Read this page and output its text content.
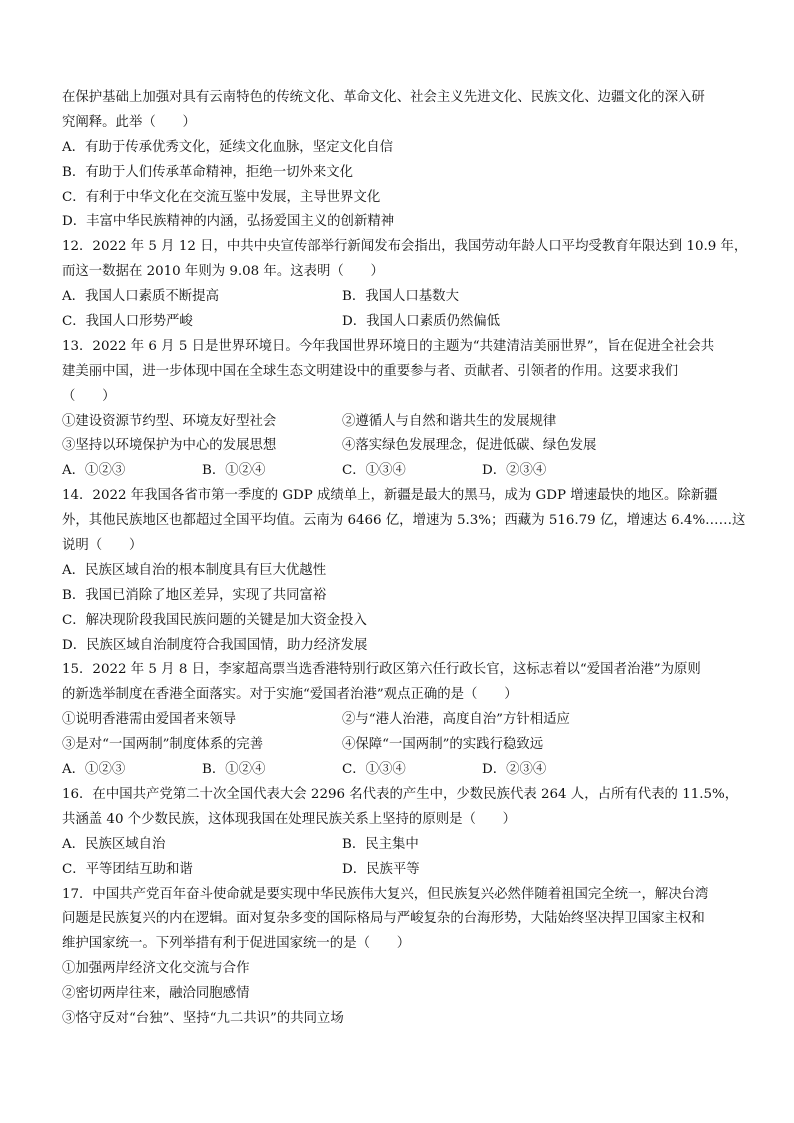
在保护基础上加强对具有云南特色的传统文化、革命文化、社会主义先进文化、民族文化、边疆文化的深入研
究阐释。此举（　　）
A．有助于传承优秀文化，延续文化血脉，坚定文化自信
B．有助于人们传承革命精神，拒绝一切外来文化
C．有利于中华文化在交流互鉴中发展，主导世界文化
D．丰富中华民族精神的内涵，弘扬爱国主义的创新精神
12．2022 年 5 月 12 日，中共中央宣传部举行新闻发布会指出，我国劳动年龄人口平均受教育年限达到 10.9 年，
而这一数据在 2010 年则为 9.08 年。这表明（　　）
A．我国人口素质不断提高	B．我国人口基数大
C．我国人口形势严峻	D．我国人口素质仍然偏低
13．2022 年 6 月 5 日是世界环境日。今年我国世界环境日的主题为“共建清洁美丽世界”，旨在促进全社会共
建美丽中国，进一步体现中国在全球生态文明建设中的重要参与者、贡献者、引领者的作用。这要求我们
（　　）
①建设资源节约型、环境友好型社会	②遵循人与自然和谐共生的发展规律
③坚持以环境保护为中心的发展思想	④落实绿色发展理念，促进低碳、绿色发展
A．①②③	B．①②④	C．①③④	D．②③④
14．2022 年我国各省市第一季度的 GDP 成绩单上，新疆是最大的黑马，成为 GDP 增速最快的地区。除新疆
外，其他民族地区也都超过全国平均值。云南为 6466 亿，增速为 5.3%；西藏为 516.79 亿，增速达 6.4%……这
说明（　　）
A．民族区域自治的根本制度具有巨大优越性
B．我国已消除了地区差异，实现了共同富裕
C．解决现阶段我国民族问题的关键是加大资金投入
D．民族区域自治制度符合我国国情，助力经济发展
15．2022 年 5 月 8 日，李家超高票当选香港特别行政区第六任行政长官，这标志着以“爱国者治港”为原则
的新选举制度在香港全面落实。对于实施“爱国者治港”观点正确的是（　　）
①说明香港需由爱国者来领导	②与“港人治港，高度自治”方针相适应
③是对“一国两制”制度体系的完善	④保障“一国两制”的实践行稳致远
A．①②③	B．①②④	C．①③④	D．②③④
16．在中国共产党第二十次全国代表大会 2296 名代表的产生中，少数民族代表 264 人，占所有代表的 11.5%，
共涵盖 40 个少数民族，这体现我国在处理民族关系上坚持的原则是（　　）
A．民族区域自治	B．民主集中
C．平等团结互助和谐	D．民族平等
17．中国共产党百年奋斗使命就是要实现中华民族伟大复兴，但民族复兴必然伴随着祖国完全统一，解决台湾
问题是民族复兴的内在逻辑。面对复杂多变的国际格局与严峻复杂的台海形势，大陆始终坚决捍卫国家主权和
维护国家统一。下列举措有利于促进国家统一的是（　　）
①加强两岸经济文化交流与合作
②密切两岸往来，融洽同胞感情
③恪守反对“台独”、坚持“九二共识”的共同立场
